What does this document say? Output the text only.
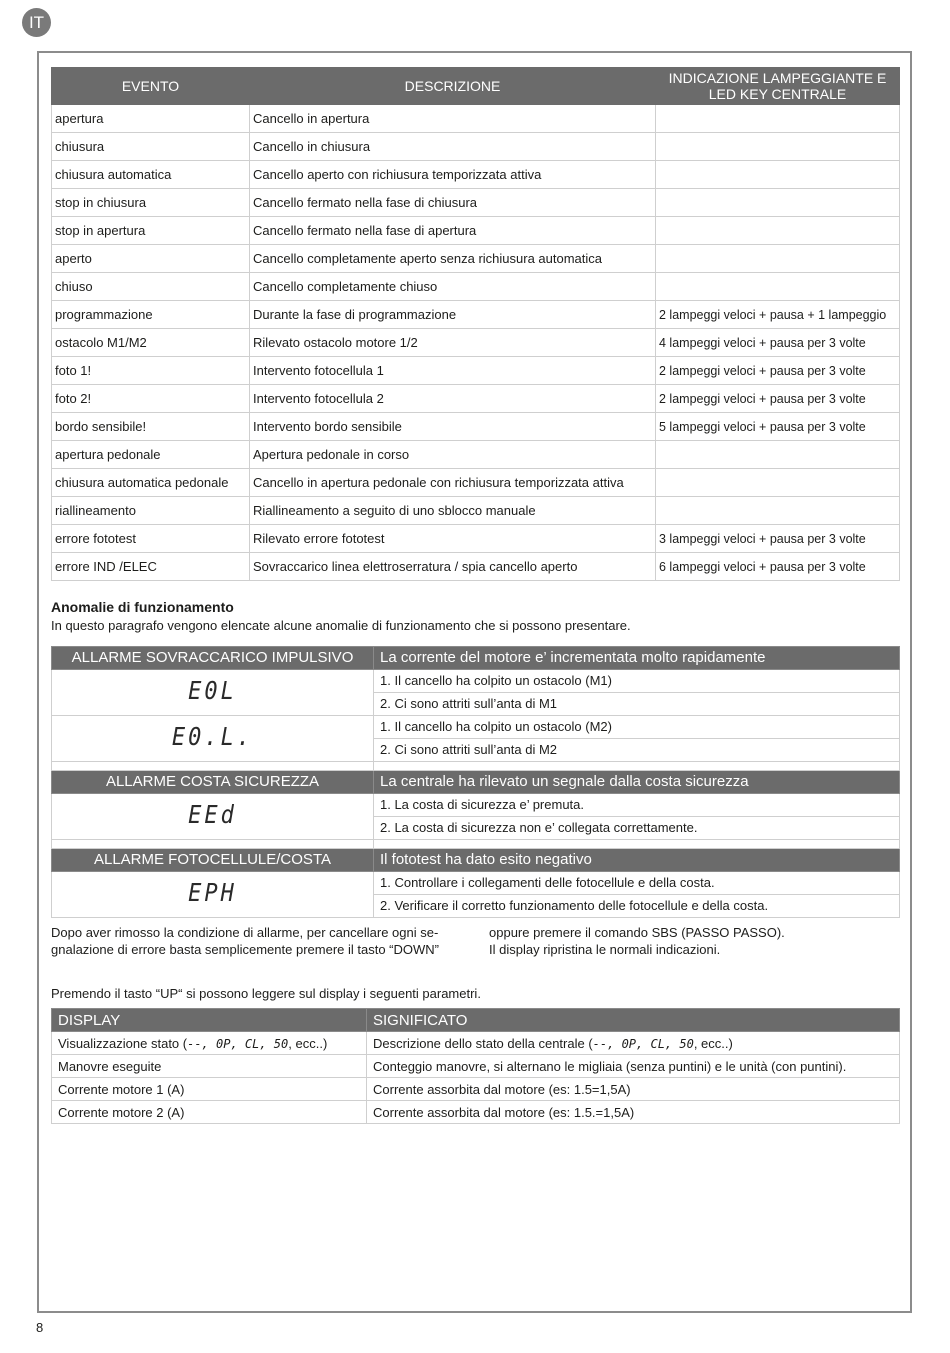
IT
EVENTO	DESCRIZIONE	INDICAZIONE LAMPEGGIANTE E LED KEY CENTRALE
apertura	Cancello in apertura	
chiusura	Cancello in chiusura	
chiusura automatica	Cancello aperto con richiusura temporizzata attiva	
stop in chiusura	Cancello fermato nella fase di chiusura	
stop in apertura	Cancello fermato nella fase di apertura	
aperto	Cancello completamente aperto senza richiusura automatica	
chiuso	Cancello completamente chiuso	
programmazione	Durante la fase di programmazione	2 lampeggi veloci + pausa + 1 lampeggio
ostacolo M1/M2	Rilevato ostacolo motore 1/2	4 lampeggi veloci + pausa per 3 volte
foto 1!	Intervento fotocellula 1	2 lampeggi veloci + pausa per 3 volte
foto 2!	Intervento fotocellula 2	2 lampeggi veloci + pausa per 3 volte
bordo sensibile!	Intervento bordo sensibile	5 lampeggi veloci + pausa per 3 volte
apertura pedonale	Apertura pedonale in corso	
chiusura automatica pedonale	Cancello in apertura pedonale con richiusura temporizzata attiva	
riallineamento	Riallineamento a seguito di uno sblocco manuale	
errore fototest	Rilevato errore fototest	3 lampeggi veloci + pausa per 3 volte
errore IND /ELEC	Sovraccarico linea elettroserratura / spia cancello aperto	6 lampeggi veloci + pausa per 3 volte
Anomalie di funzionamento
In questo paragrafo vengono elencate alcune anomalie di funzionamento che si possono presentare.
ALLARME SOVRACCARICO IMPULSIVO	La corrente del motore e’ incrementata molto rapidamente
E0L	1. Il cancello ha colpito un ostacolo (M1)
	2. Ci sono attriti sull’anta di M1
E0.L.	1. Il cancello ha colpito un ostacolo (M2)
	2. Ci sono attriti sull’anta di M2

ALLARME COSTA SICUREZZA	La centrale ha rilevato un segnale dalla costa sicurezza
EEd	1. La costa di sicurezza e’ premuta.
	2. La costa di sicurezza non e’ collegata correttamente.

ALLARME FOTOCELLULE/COSTA	Il fototest ha dato esito negativo
EPH	1. Controllare i collegamenti delle fotocellule e della costa.
	2. Verificare il corretto funzionamento delle fotocellule e della costa.
Dopo aver rimosso la condizione di allarme, per cancellare ogni se-
gnalazione di errore basta semplicemente premere il tasto “DOWN”
oppure premere il comando SBS (PASSO PASSO).
Il display ripristina le normali indicazioni.
Premendo il tasto “UP“ si possono leggere sul display i seguenti parametri.
DISPLAY	SIGNIFICATO
Visualizzazione stato (--, 0P, CL, 50, ecc..)	Descrizione dello stato della centrale (--, 0P, CL, 50, ecc..)
Manovre eseguite	Conteggio manovre, si alternano le migliaia (senza puntini) e le unità (con puntini).
Corrente motore 1 (A)	Corrente assorbita dal motore (es: 1.5=1,5A)
Corrente motore 2 (A)	Corrente assorbita dal motore (es: 1.5.=1,5A)
8
